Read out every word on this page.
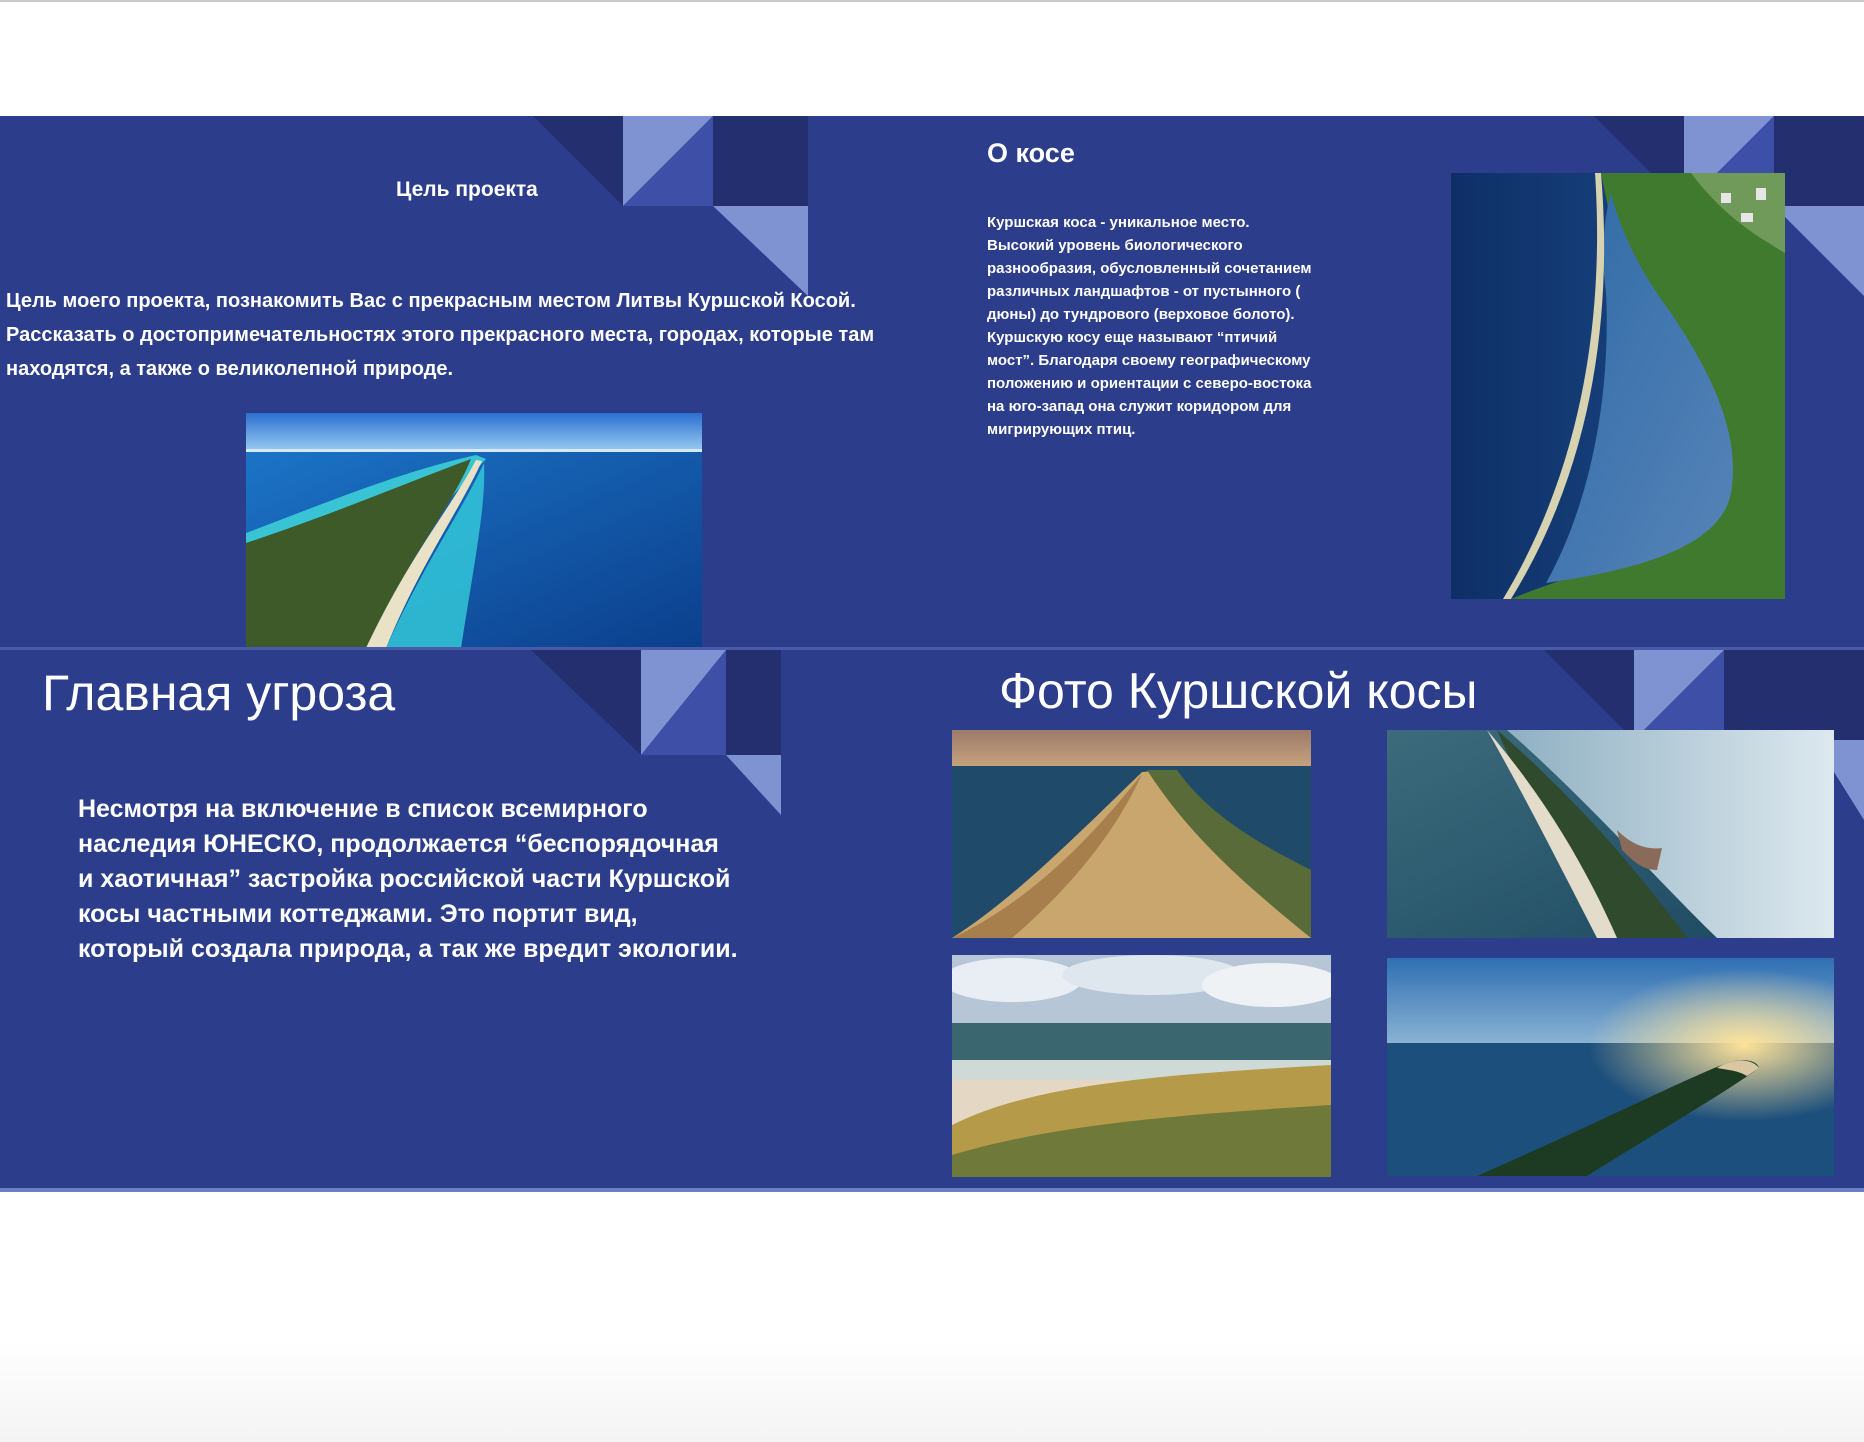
Цель проекта

Цель моего проекта, познакомить Вас с прекрасным местом Литвы Куршской Косой. Рассказать о достопримечательностях этого прекрасного места, городах, которые там находятся, а также о великолепной природе.

О косе

Куршская коса - уникальное место. Высокий уровень биологического разнообразия, обусловленный сочетанием различных ландшафтов - от пустынного ( дюны) до тундрового (верховое болото). Куршскую косу еще называют “птичий мост”. Благодаря своему географическому положению и ориентации с северо-востока на юго-запад она служит коридором для мигрирующих птиц.

Главная угроза

Несмотря на включение в список всемирного наследия ЮНЕСКО, продолжается “беспорядочная и хаотичная” застройка российской части Куршской косы частными коттеджами. Это портит вид, который создала природа, а так же вредит экологии.

Фото Куршской косы
